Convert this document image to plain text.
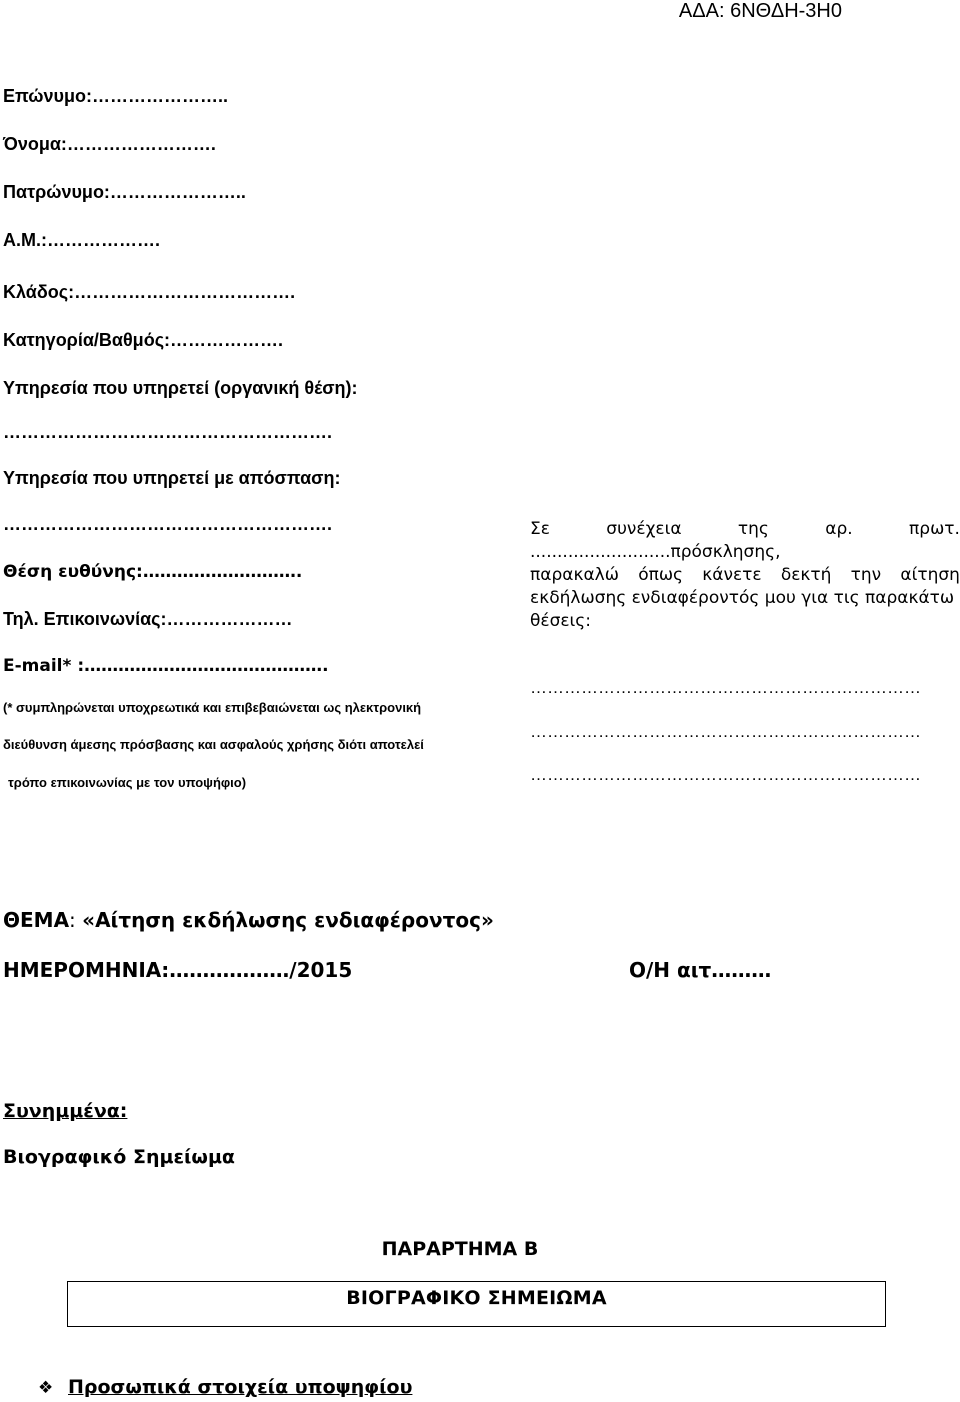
ΑΔΑ: 6ΝΘΔΗ-3Η0
Επώνυμο:…………………..
Όνομα:…………………….
Πατρώνυμο:…………………..
Α.Μ.:……………….
Κλάδος:……………………………….
Κατηγορία/Βαθμός:……………….
Υπηρεσία που υπηρετεί (οργανική θέση):
……………………………………………….
Υπηρεσία που υπηρετεί με απόσπαση:
……………………………………………….
Θέση ευθύνης:……………………….
Τηλ. Επικοινωνίας:…………………
E-mail* :…………………………………….
(* συμπληρώνεται υποχρεωτικά και επιβεβαιώνεται ως ηλεκτρονική
διεύθυνση άμεσης πρόσβασης και ασφαλούς χρήσης διότι αποτελεί
τρόπο επικοινωνίας με τον υποψήφιο)
Σε	συνέχεια	της	αρ.	πρωτ.
..........................πρόσκλησης,
παρακαλώ όπως κάνετε δεκτή την αίτηση
εκδήλωσης ενδιαφέροντός μου για τις παρακάτω
θέσεις:
……………………………………………………………
……………………………………………………………
……………………………………………………………
ΘΕΜΑ: «Αίτηση εκδήλωσης ενδιαφέροντος»
ΗΜΕΡΟΜΗΝΙΑ:………………/2015	Ο/Η αιτ………
Συνημμένα:
Βιογραφικό Σημείωμα
ΠΑΡΑΡΤΗΜΑ Β
ΒΙΟΓΡΑΦΙΚΟ ΣΗΜΕΙΩΜΑ
❖ Προσωπικά στοιχεία υποψηφίου
